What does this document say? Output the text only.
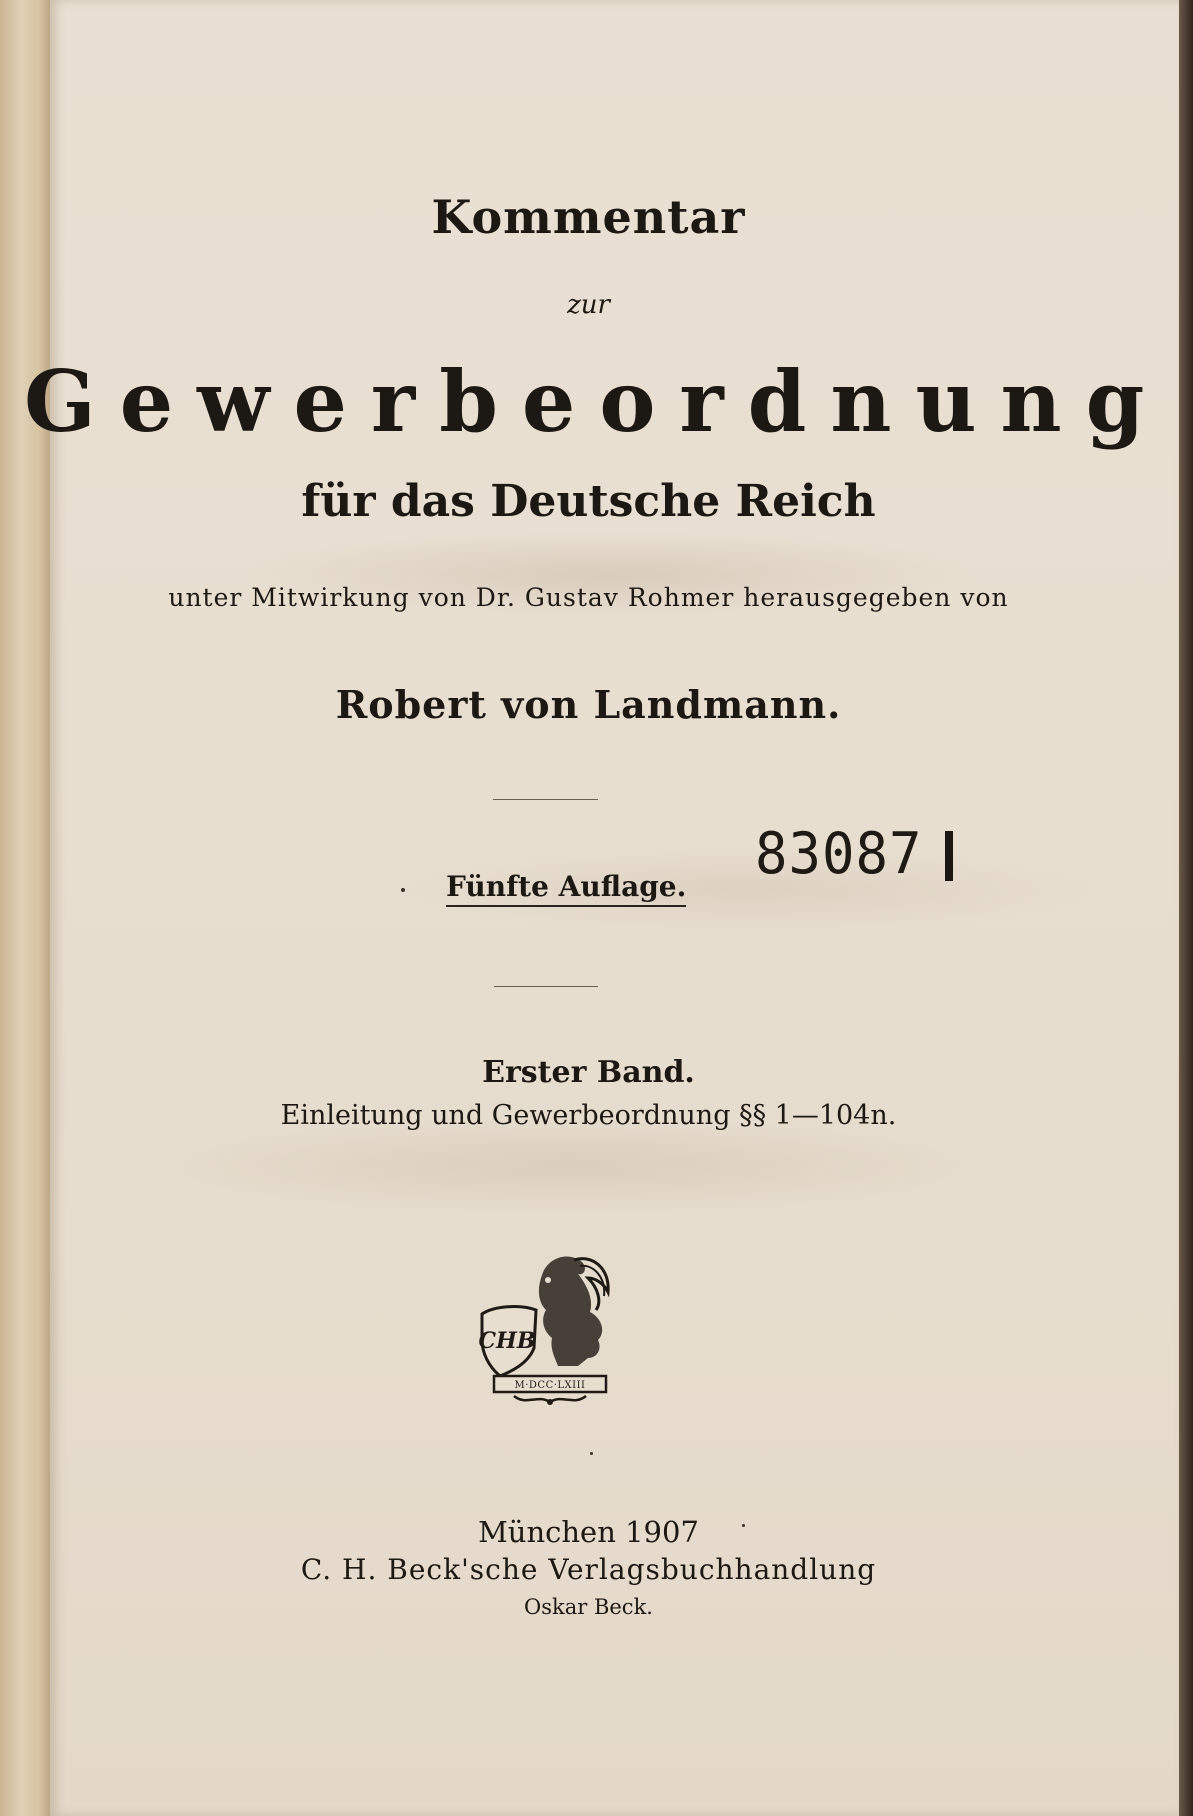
Kommentar
zur
Gewerbeordnung
für das Deutsche Reich
unter Mitwirkung von Dr. Gustav Rohmer herausgegeben von
Robert von Landmann.
Fünfte Auflage. 83087
Erster Band.
Einleitung und Gewerbeordnung §§ 1—104n.
CHB
M·DCC·LXIII
München 1907
C. H. Beck'sche Verlagsbuchhandlung
Oskar Beck.
